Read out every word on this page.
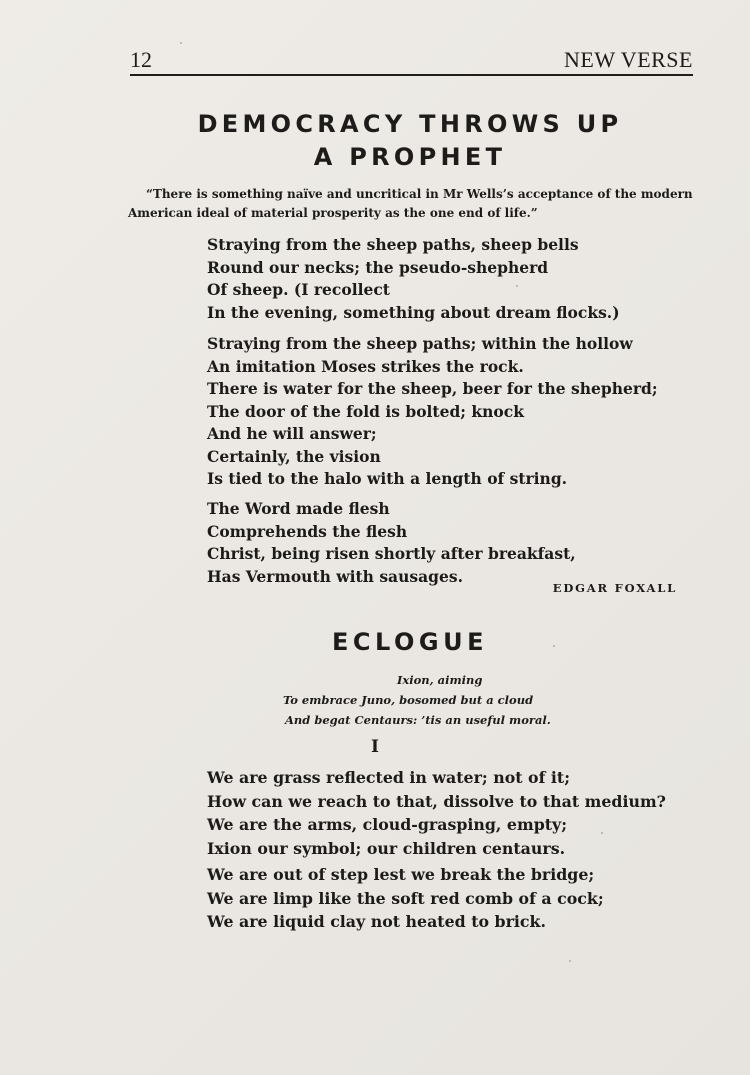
12	NEW VERSE
DEMOCRACY THROWS UP
A PROPHET

“There is something naïve and uncritical in Mr Wells’s acceptance of the modern
American ideal of material prosperity as the one end of life.”

Straying from the sheep paths, sheep bells
Round our necks; the pseudo-shepherd
Of sheep. (I recollect
In the evening, something about dream flocks.)
Straying from the sheep paths; within the hollow
An imitation Moses strikes the rock.
There is water for the sheep, beer for the shepherd;
The door of the fold is bolted; knock
And he will answer;
Certainly, the vision
Is tied to the halo with a length of string.
The Word made flesh
Comprehends the flesh
Christ, being risen shortly after breakfast,
Has Vermouth with sausages.
EDGAR FOXALL
ECLOGUE
Ixion, aiming
To embrace Juno, bosomed but a cloud
And begat Centaurs: ’tis an useful moral.
I
We are grass reflected in water; not of it;
How can we reach to that, dissolve to that medium?
We are the arms, cloud-grasping, empty;
Ixion our symbol; our children centaurs.
We are out of step lest we break the bridge;
We are limp like the soft red comb of a cock;
We are liquid clay not heated to brick.
